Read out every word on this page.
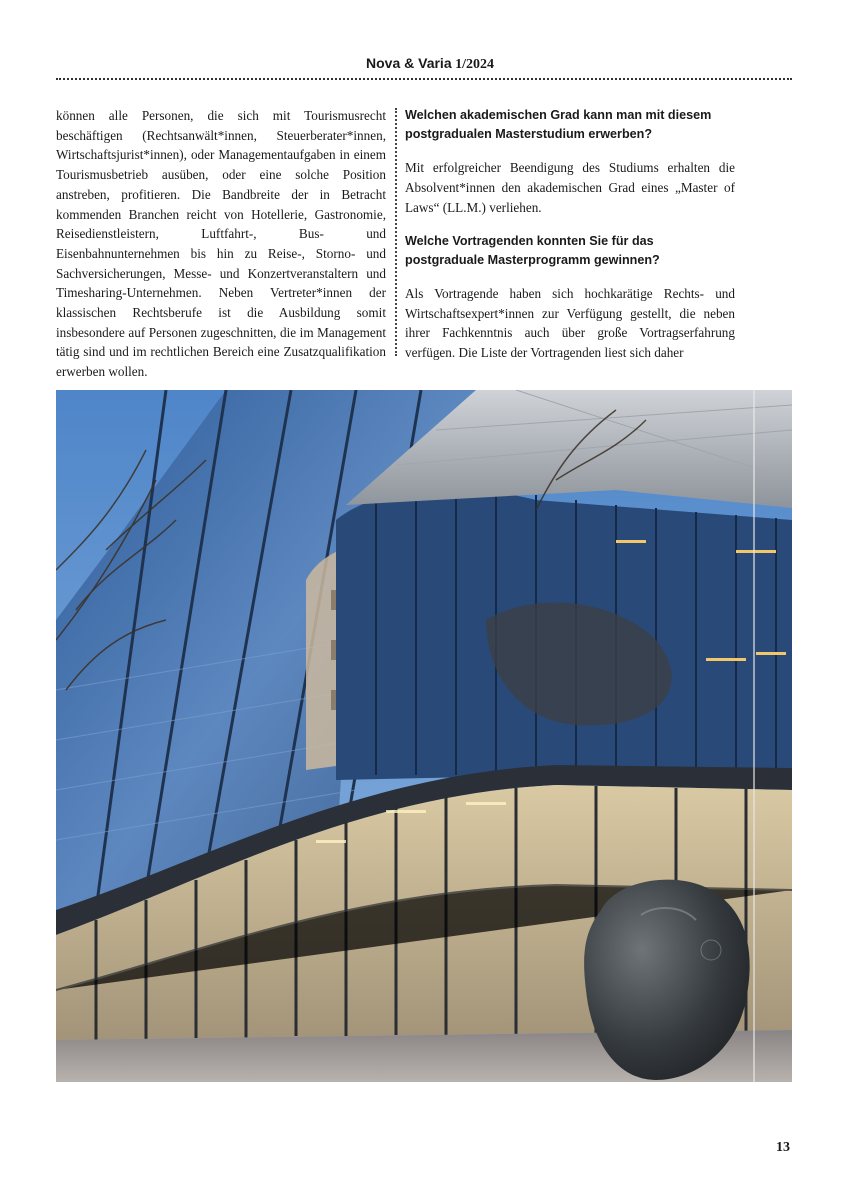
Nova & Varia 1/2024

können alle Personen, die sich mit Tourismusrecht beschäftigen (Rechtsanwält*innen, Steuerberater*innen, Wirtschaftsjurist*innen), oder Managementaufgaben in einem Tourismusbetrieb ausüben, oder eine solche Position anstreben, profitieren. Die Bandbreite der in Betracht kommenden Branchen reicht von Hotellerie, Gastronomie, Reisedienstleistern, Luftfahrt-, Bus- und Eisenbahnunternehmen bis hin zu Reise-, Storno- und Sachversicherungen, Messe- und Konzertveranstaltern und Timesharing-Unternehmen. Neben Vertreter*innen der klassischen Rechtsberufe ist die Ausbildung somit insbesondere auf Personen zugeschnitten, die im Management tätig sind und im rechtlichen Bereich eine Zusatzqualifikation erwerben wollen.

Welchen akademischen Grad kann man mit diesem postgradualen Masterstudium erwerben?

Mit erfolgreicher Beendigung des Studiums erhalten die Absolvent*innen den akademischen Grad eines „Master of Laws“ (LL.M.) verliehen.

Welche Vortragenden konnten Sie für das postgraduale Masterprogramm gewinnen?

Als Vortragende haben sich hochkarätige Rechts- und Wirtschaftsexpert*innen zur Verfügung gestellt, die neben ihrer Fachkenntnis auch über große Vortragserfahrung verfügen. Die Liste der Vortragenden liest sich daher

13
